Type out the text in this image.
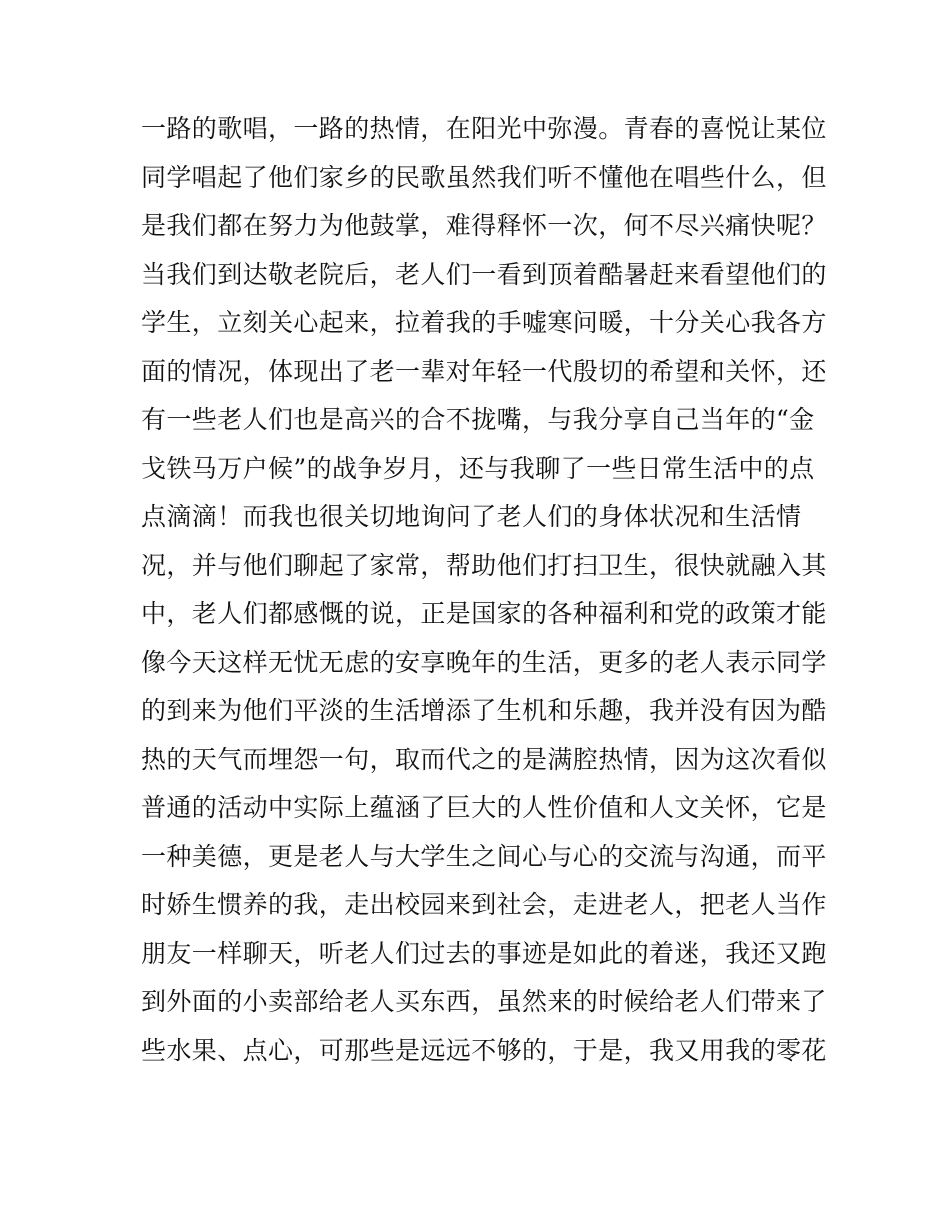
一路的歌唱，一路的热情，在阳光中弥漫。青春的喜悦让某位
同学唱起了他们家乡的民歌虽然我们听不懂他在唱些什么，但
是我们都在努力为他鼓掌，难得释怀一次，何不尽兴痛快呢？
当我们到达敬老院后，老人们一看到顶着酷暑赶来看望他们的
学生，立刻关心起来，拉着我的手嘘寒问暖，十分关心我各方
面的情况，体现出了老一辈对年轻一代殷切的希望和关怀，还
有一些老人们也是高兴的合不拢嘴，与我分享自己当年的“金
戈铁马万户候”的战争岁月，还与我聊了一些日常生活中的点
点滴滴！而我也很关切地询问了老人们的身体状况和生活情
况，并与他们聊起了家常，帮助他们打扫卫生，很快就融入其
中，老人们都感慨的说，正是国家的各种福利和党的政策才能
像今天这样无忧无虑的安享晚年的生活，更多的老人表示同学
的到来为他们平淡的生活增添了生机和乐趣，我并没有因为酷
热的天气而埋怨一句，取而代之的是满腔热情，因为这次看似
普通的活动中实际上蕴涵了巨大的人性价值和人文关怀，它是
一种美德，更是老人与大学生之间心与心的交流与沟通，而平
时娇生惯养的我，走出校园来到社会，走进老人，把老人当作
朋友一样聊天，听老人们过去的事迹是如此的着迷，我还又跑
到外面的小卖部给老人买东西，虽然来的时候给老人们带来了
些水果、点心，可那些是远远不够的，于是，我又用我的零花
